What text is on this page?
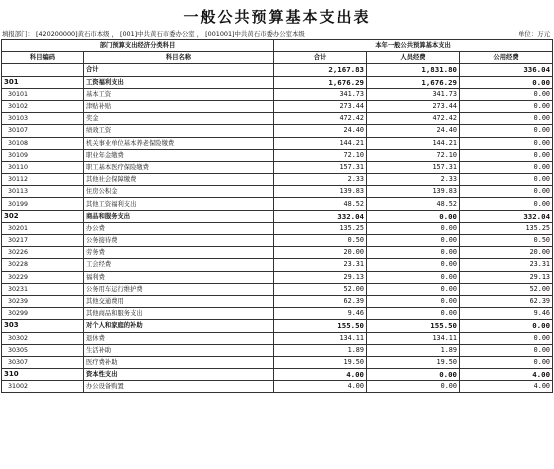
一般公共预算基本支出表
填报部门： [420200000]黄石市本级 ， [001]中共黄石市委办公室 ， [001001]中共黄石市委办公室本级	单位：万元
部门预算支出经济分类科目		本年一般公共预算基本支出		
科目编码	科目名称	合计	人员经费	公用经费
	合计	2,167.83	1,831.80	336.04
301	工资福利支出	1,676.29	1,676.29	0.00
30101	基本工资	341.73	341.73	0.00
30102	津贴补贴	273.44	273.44	0.00
30103	奖金	472.42	472.42	0.00
30107	绩效工资	24.40	24.40	0.00
30108	机关事业单位基本养老保险缴费	144.21	144.21	0.00
30109	职业年金缴费	72.10	72.10	0.00
30110	职工基本医疗保险缴费	157.31	157.31	0.00
30112	其他社会保障缴费	2.33	2.33	0.00
30113	住房公积金	139.83	139.83	0.00
30199	其他工资福利支出	48.52	48.52	0.00
302	商品和服务支出	332.04	0.00	332.04
30201	办公费	135.25	0.00	135.25
30217	公务接待费	0.50	0.00	0.50
30226	劳务费	20.00	0.00	20.00
30228	工会经费	23.31	0.00	23.31
30229	福利费	29.13	0.00	29.13
30231	公务用车运行维护费	52.00	0.00	52.00
30239	其他交通费用	62.39	0.00	62.39
30299	其他商品和服务支出	9.46	0.00	9.46
303	对个人和家庭的补助	155.50	155.50	0.00
30302	退休费	134.11	134.11	0.00
30305	生活补助	1.89	1.89	0.00
30307	医疗费补助	19.50	19.50	0.00
310	资本性支出	4.00	0.00	4.00
31002	办公设备购置	4.00	0.00	4.00
